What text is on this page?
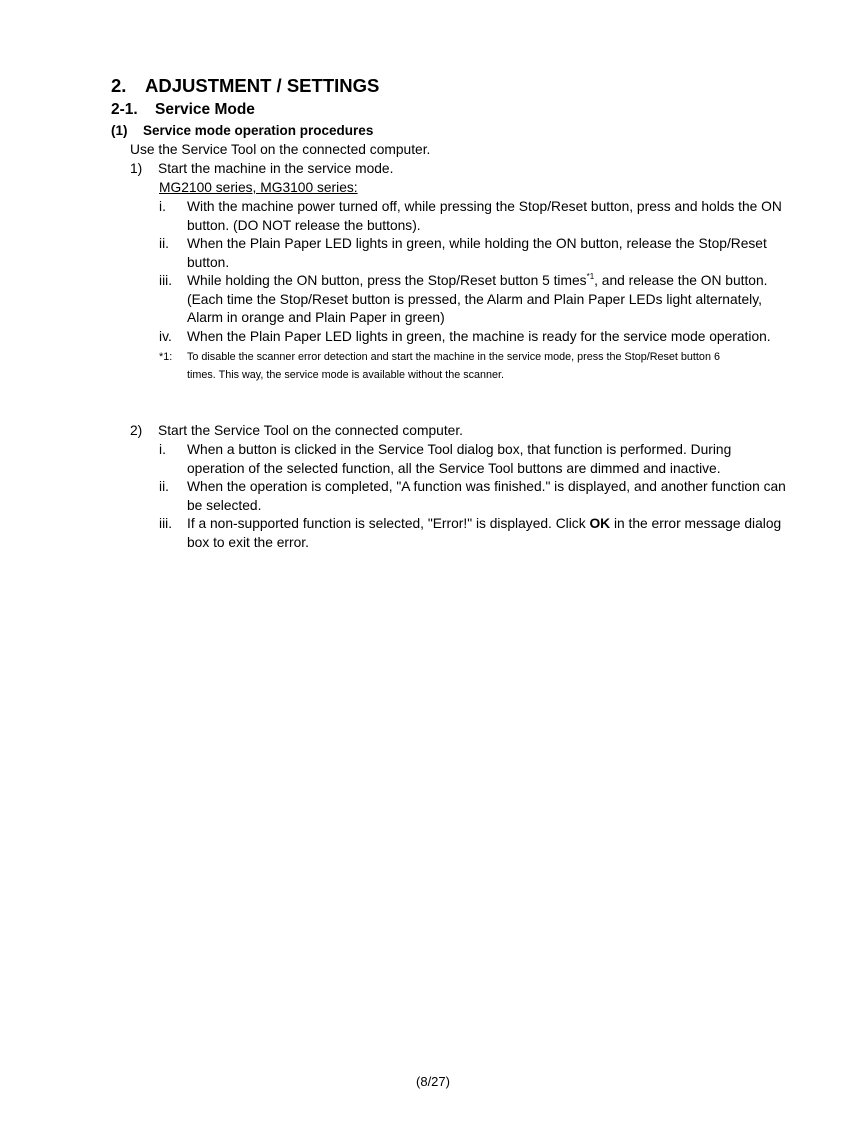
2. ADJUSTMENT / SETTINGS
2-1. Service Mode
(1) Service mode operation procedures
Use the Service Tool on the connected computer.
1) Start the machine in the service mode.
MG2100 series, MG3100 series:
i. With the machine power turned off, while pressing the Stop/Reset button, press and holds the ON
button. (DO NOT release the buttons).
ii. When the Plain Paper LED lights in green, while holding the ON button, release the Stop/Reset
button.
iii. While holding the ON button, press the Stop/Reset button 5 times$^{*1}$, and release the ON button.
(Each time the Stop/Reset button is pressed, the Alarm and Plain Paper LEDs light alternately,
Alarm in orange and Plain Paper in green)
iv. When the Plain Paper LED lights in green, the machine is ready for the service mode operation.
*1: To disable the scanner error detection and start the machine in the service mode, press the Stop/Reset button 6
times. This way, the service mode is available without the scanner.
2) Start the Service Tool on the connected computer.
i. When a button is clicked in the Service Tool dialog box, that function is performed. During
operation of the selected function, all the Service Tool buttons are dimmed and inactive.
ii. When the operation is completed, "A function was finished." is displayed, and another function can
be selected.
iii. If a non-supported function is selected, "Error!" is displayed. Click OK in the error message dialog
box to exit the error.
(8/27)
